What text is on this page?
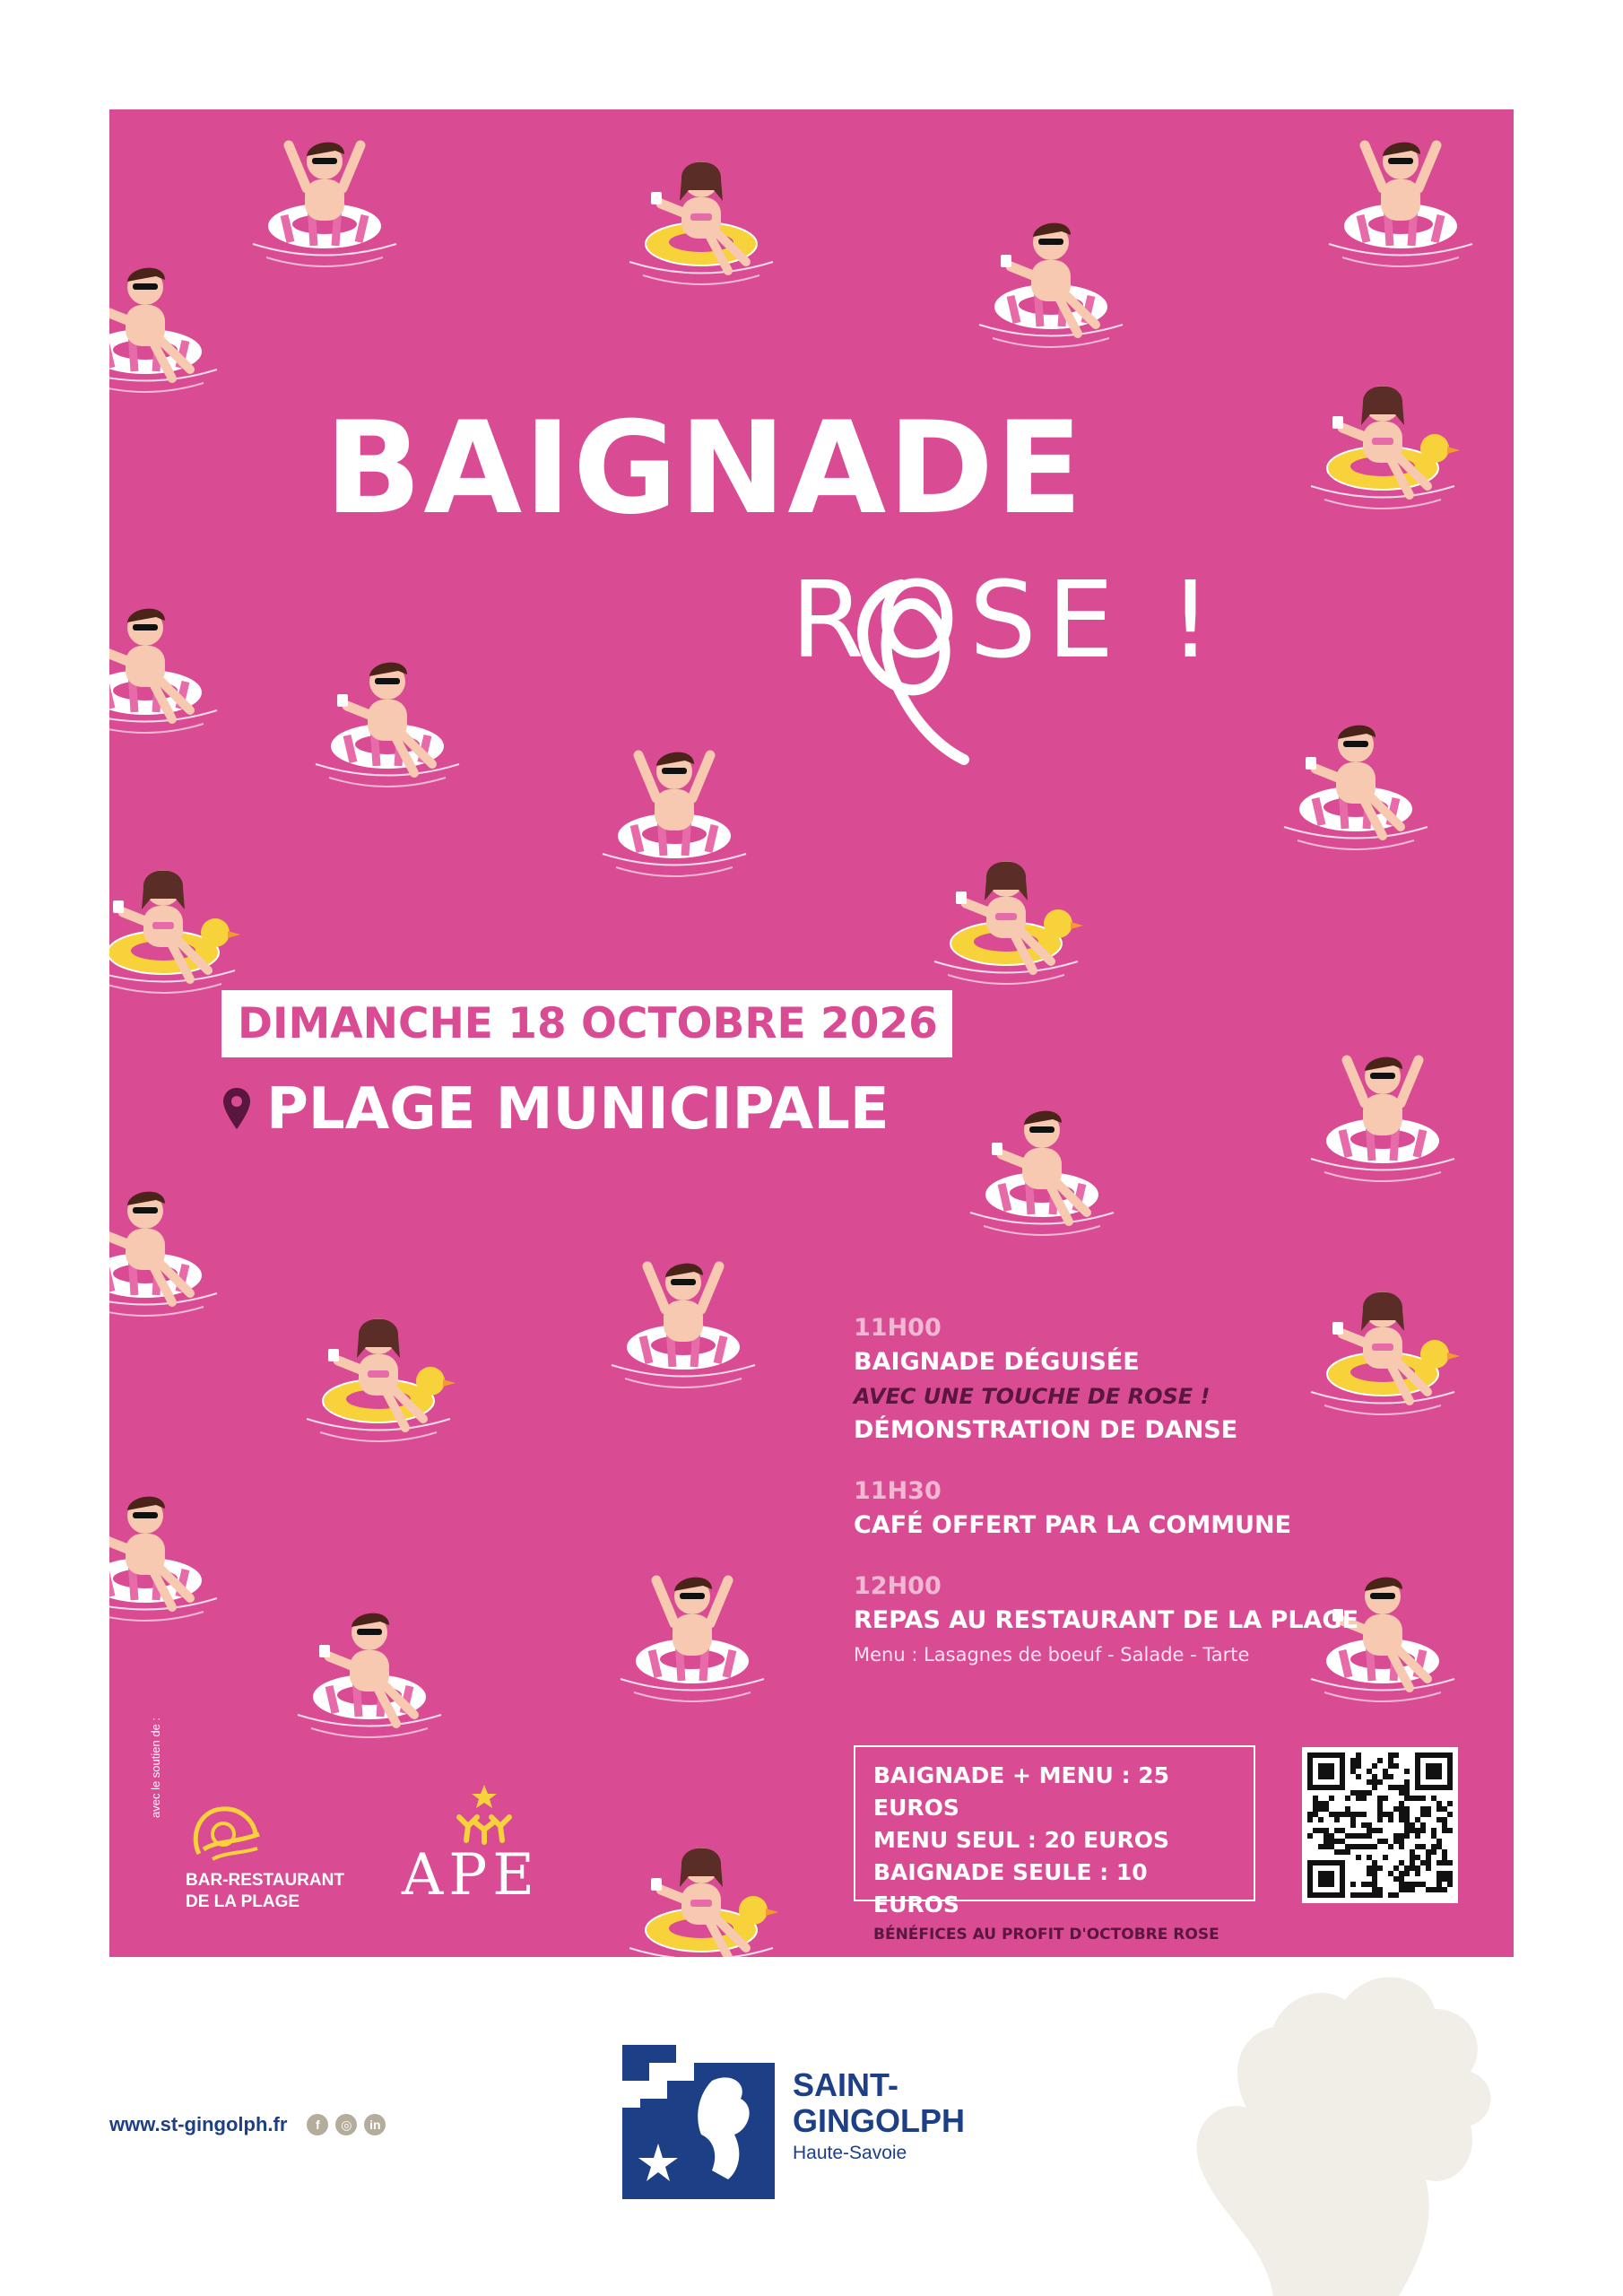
BAIGNADE
ROSE !
DIMANCHE 18 OCTOBRE 2026
PLAGE MUNICIPALE
11H00
BAIGNADE DÉGUISÉE
AVEC UNE TOUCHE DE ROSE !
DÉMONSTRATION DE DANSE
11H30
CAFÉ OFFERT PAR LA COMMUNE
12H00
REPAS AU RESTAURANT DE LA PLAGE
Menu : Lasagnes de boeuf - Salade - Tarte
BAIGNADE + MENU : 25 EUROS
MENU SEUL : 20 EUROS
BAIGNADE SEULE : 10 EUROS
BÉNÉFICES AU PROFIT D'OCTOBRE ROSE
avec le soutien de :
BAR-RESTAURANT
DE LA PLAGE	APE
www.st-gingolph.fr	f	◎	in
SAINT-
GINGOLPH
Haute-Savoie
